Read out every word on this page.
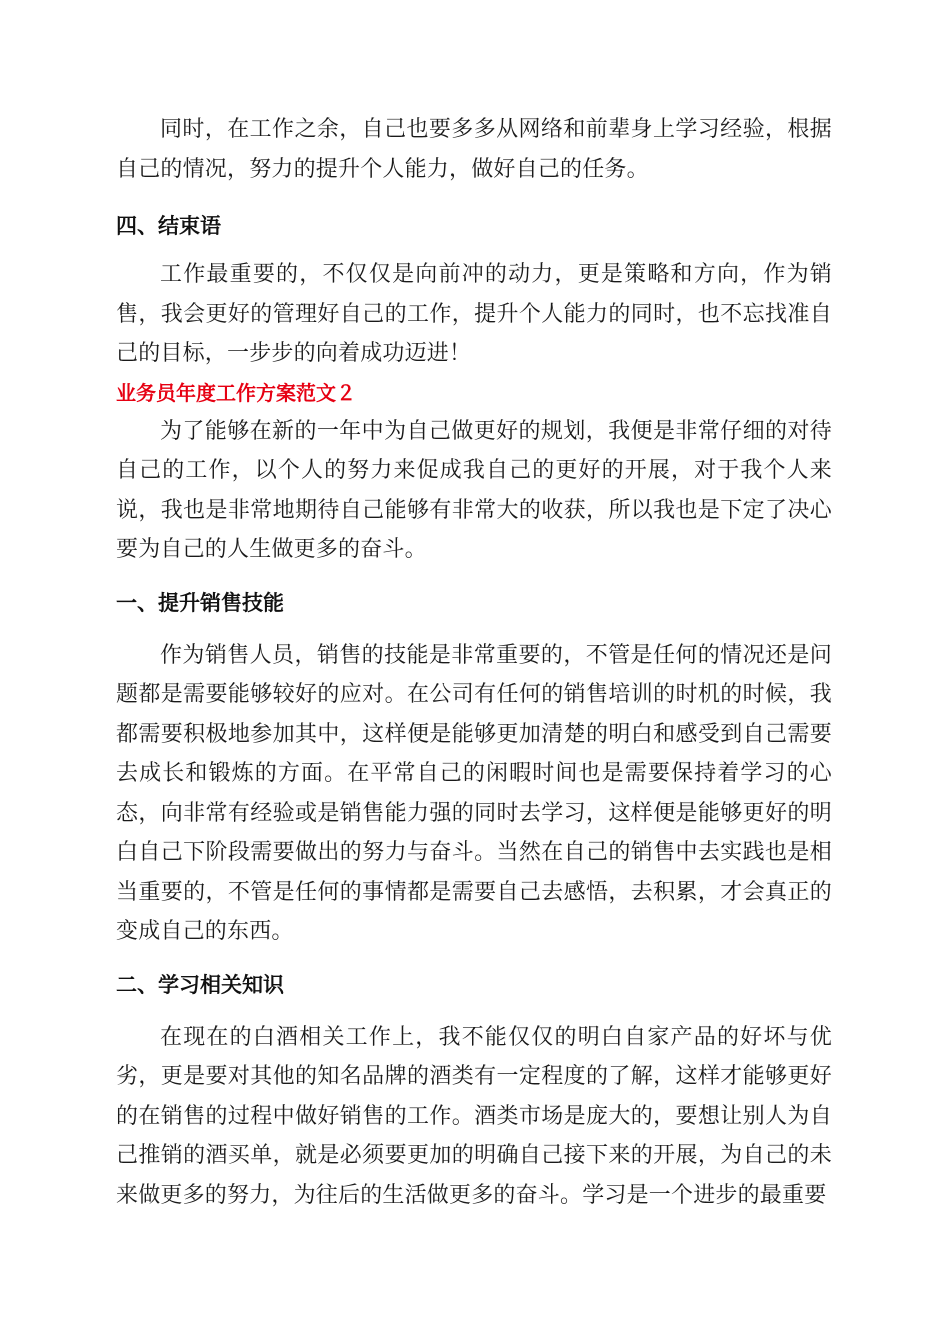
同时，在工作之余，自己也要多多从网络和前辈身上学习经验，根据自己的情况，努力的提升个人能力，做好自己的任务。

四、结束语

工作最重要的，不仅仅是向前冲的动力，更是策略和方向，作为销售，我会更好的管理好自己的工作，提升个人能力的同时，也不忘找准自己的目标，一步步的向着成功迈进！

业务员年度工作方案范文２

为了能够在新的一年中为自己做更好的规划，我便是非常仔细的对待自己的工作，以个人的努力来促成我自己的更好的开展，对于我个人来说，我也是非常地期待自己能够有非常大的收获，所以我也是下定了决心要为自己的人生做更多的奋斗。

一、提升销售技能

作为销售人员，销售的技能是非常重要的，不管是任何的情况还是问题都是需要能够较好的应对。在公司有任何的销售培训的时机的时候，我都需要积极地参加其中，这样便是能够更加清楚的明白和感受到自己需要去成长和锻炼的方面。在平常自己的闲暇时间也是需要保持着学习的心态，向非常有经验或是销售能力强的同时去学习，这样便是能够更好的明白自己下阶段需要做出的努力与奋斗。当然在自己的销售中去实践也是相当重要的，不管是任何的事情都是需要自己去感悟，去积累，才会真正的变成自己的东西。

二、学习相关知识

在现在的白酒相关工作上，我不能仅仅的明白自家产品的好坏与优劣，更是要对其他的知名品牌的酒类有一定程度的了解，这样才能够更好的在销售的过程中做好销售的工作。酒类市场是庞大的，要想让别人为自己推销的酒买单，就是必须要更加的明确自己接下来的开展，为自己的未来做更多的努力，为往后的生活做更多的奋斗。学习是一个进步的最重要
